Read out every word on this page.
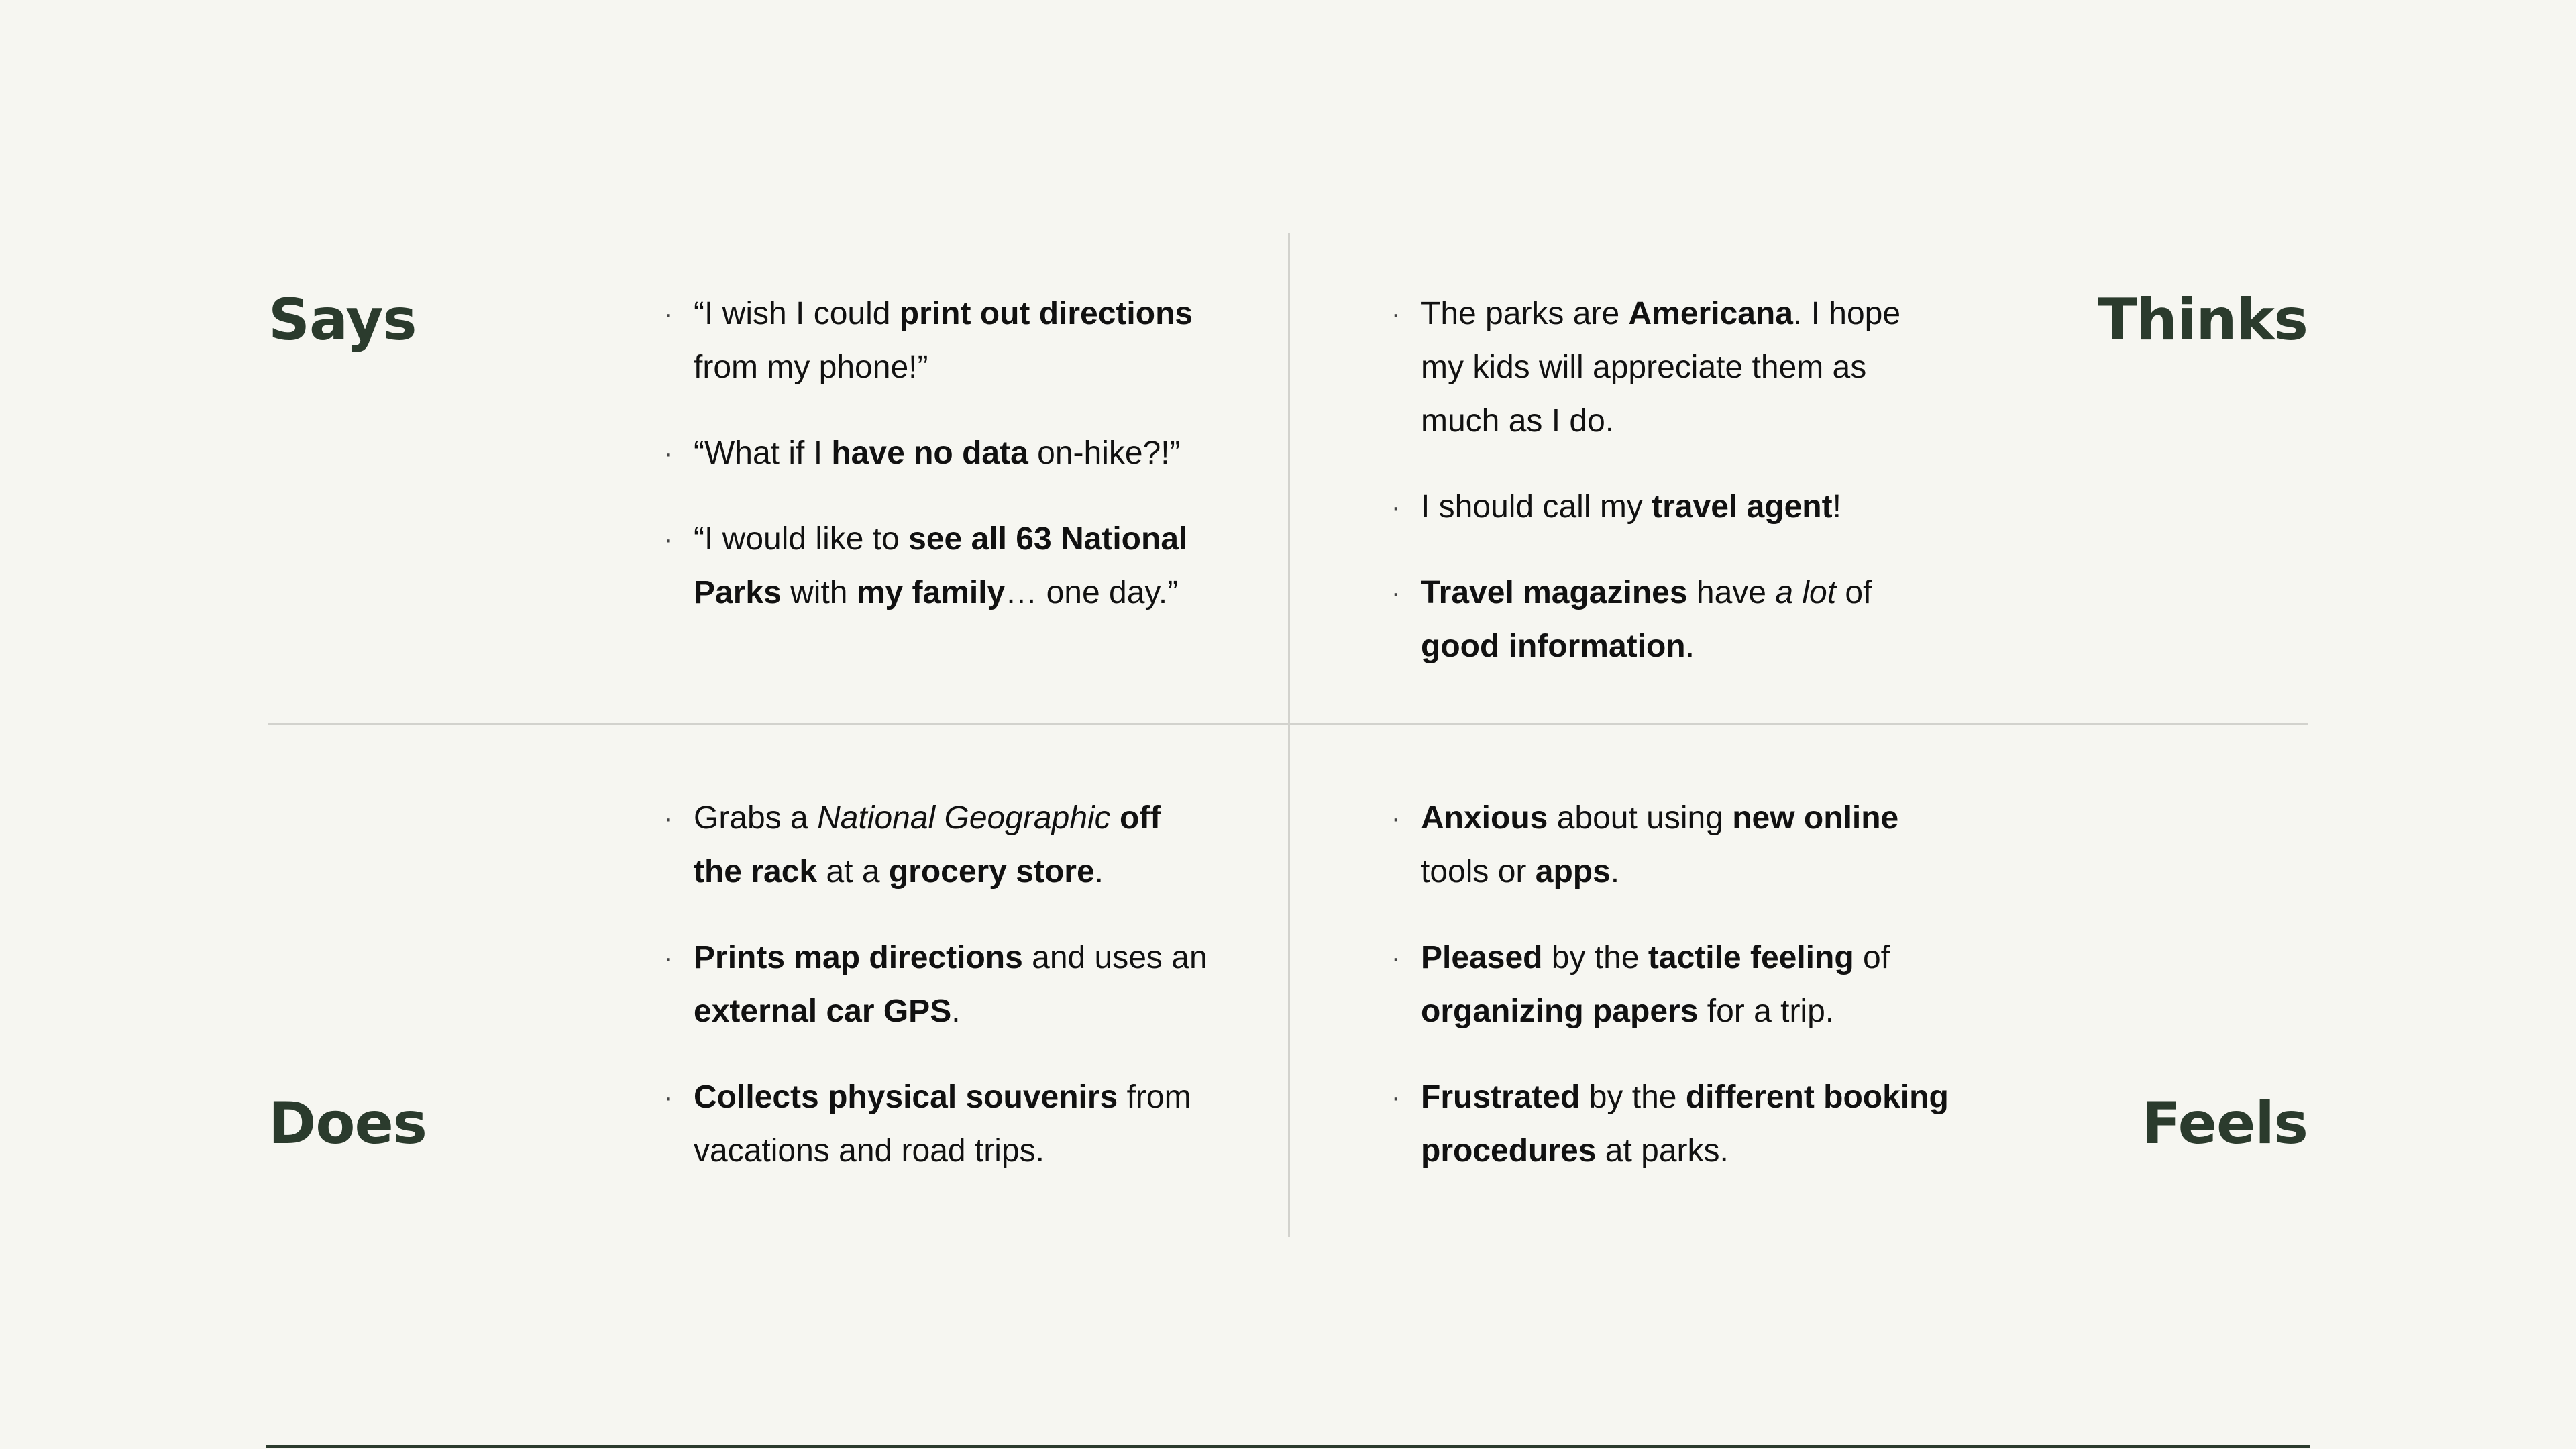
Says	Thinks
Does	Feels
· “I wish I could print out directions
from my phone!”
· “What if I have no data on-hike?!”
· “I would like to see all 63 National
Parks with my family… one day.”
· The parks are Americana. I hope
my kids will appreciate them as
much as I do.
· I should call my travel agent!
· Travel magazines have a lot of
good information.
· Grabs a National Geographic off
the rack at a grocery store.
· Prints map directions and uses an
external car GPS.
· Collects physical souvenirs from
vacations and road trips.
· Anxious about using new online
tools or apps.
· Pleased by the tactile feeling of
organizing papers for a trip.
· Frustrated by the different booking
procedures at parks.
